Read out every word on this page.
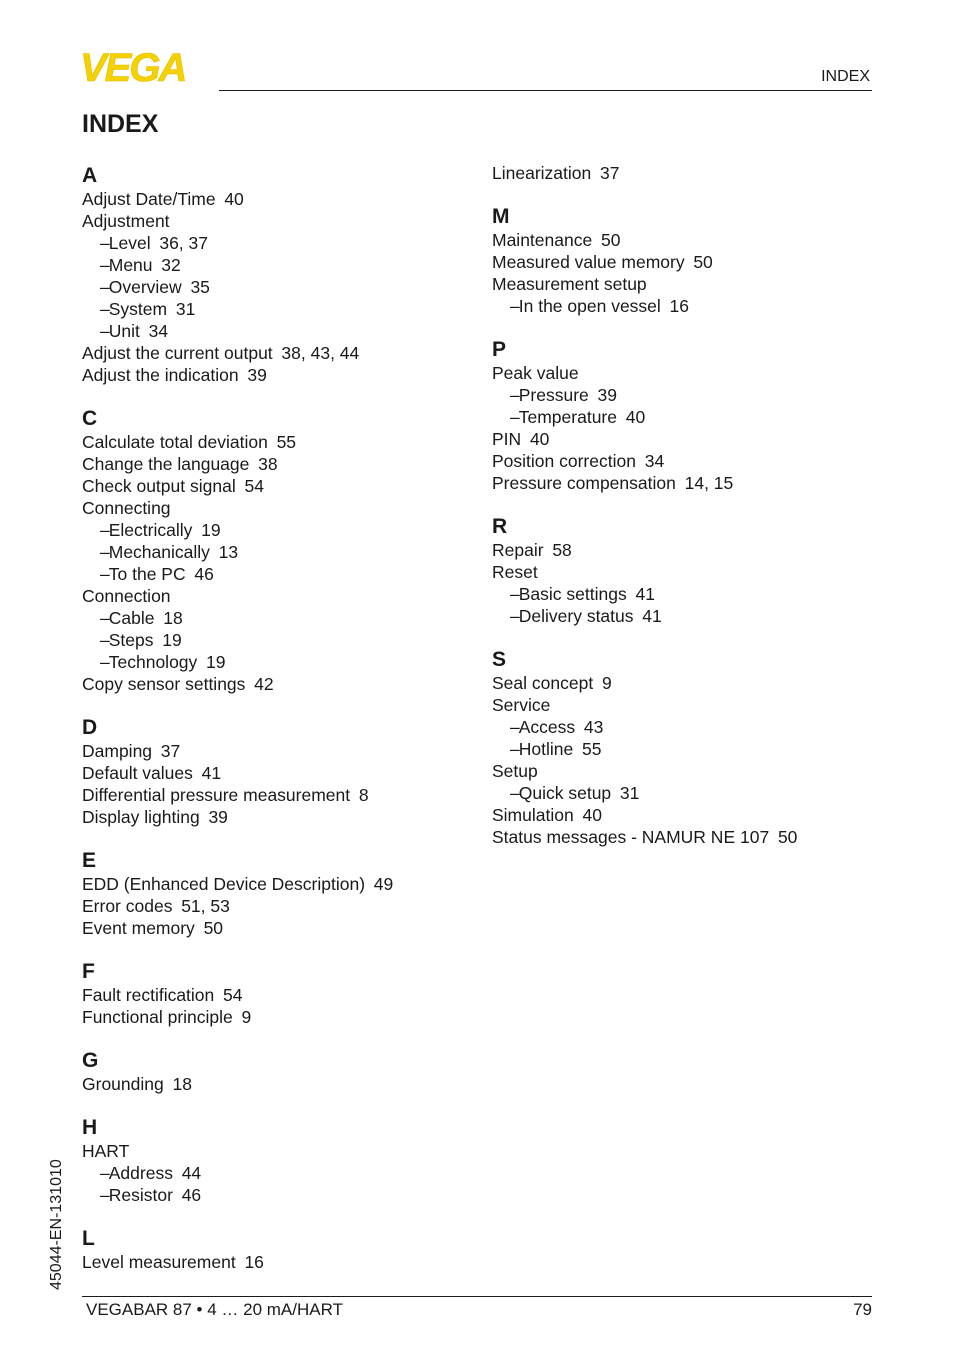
VEGA	INDEX
INDEX
A
Adjust Date/Time 40
Adjustment
–Level 36, 37
–Menu 32
–Overview 35
–System 31
–Unit 34
Adjust the current output 38, 43, 44
Adjust the indication 39
C
Calculate total deviation 55
Change the language 38
Check output signal 54
Connecting
–Electrically 19
–Mechanically 13
–To the PC 46
Connection
–Cable 18
–Steps 19
–Technology 19
Copy sensor settings 42
D
Damping 37
Default values 41
Differential pressure measurement 8
Display lighting 39
E
EDD (Enhanced Device Description) 49
Error codes 51, 53
Event memory 50
F
Fault rectification 54
Functional principle 9
G
Grounding 18
H
HART
–Address 44
–Resistor 46
L
Level measurement 16
Linearization 37
M
Maintenance 50
Measured value memory 50
Measurement setup
–In the open vessel 16
P
Peak value
–Pressure 39
–Temperature 40
PIN 40
Position correction 34
Pressure compensation 14, 15
R
Repair 58
Reset
–Basic settings 41
–Delivery status 41
S
Seal concept 9
Service
–Access 43
–Hotline 55
Setup
–Quick setup 31
Simulation 40
Status messages - NAMUR NE 107 50
45044-EN-131010
VEGABAR 87 • 4 … 20 mA/HART	79
